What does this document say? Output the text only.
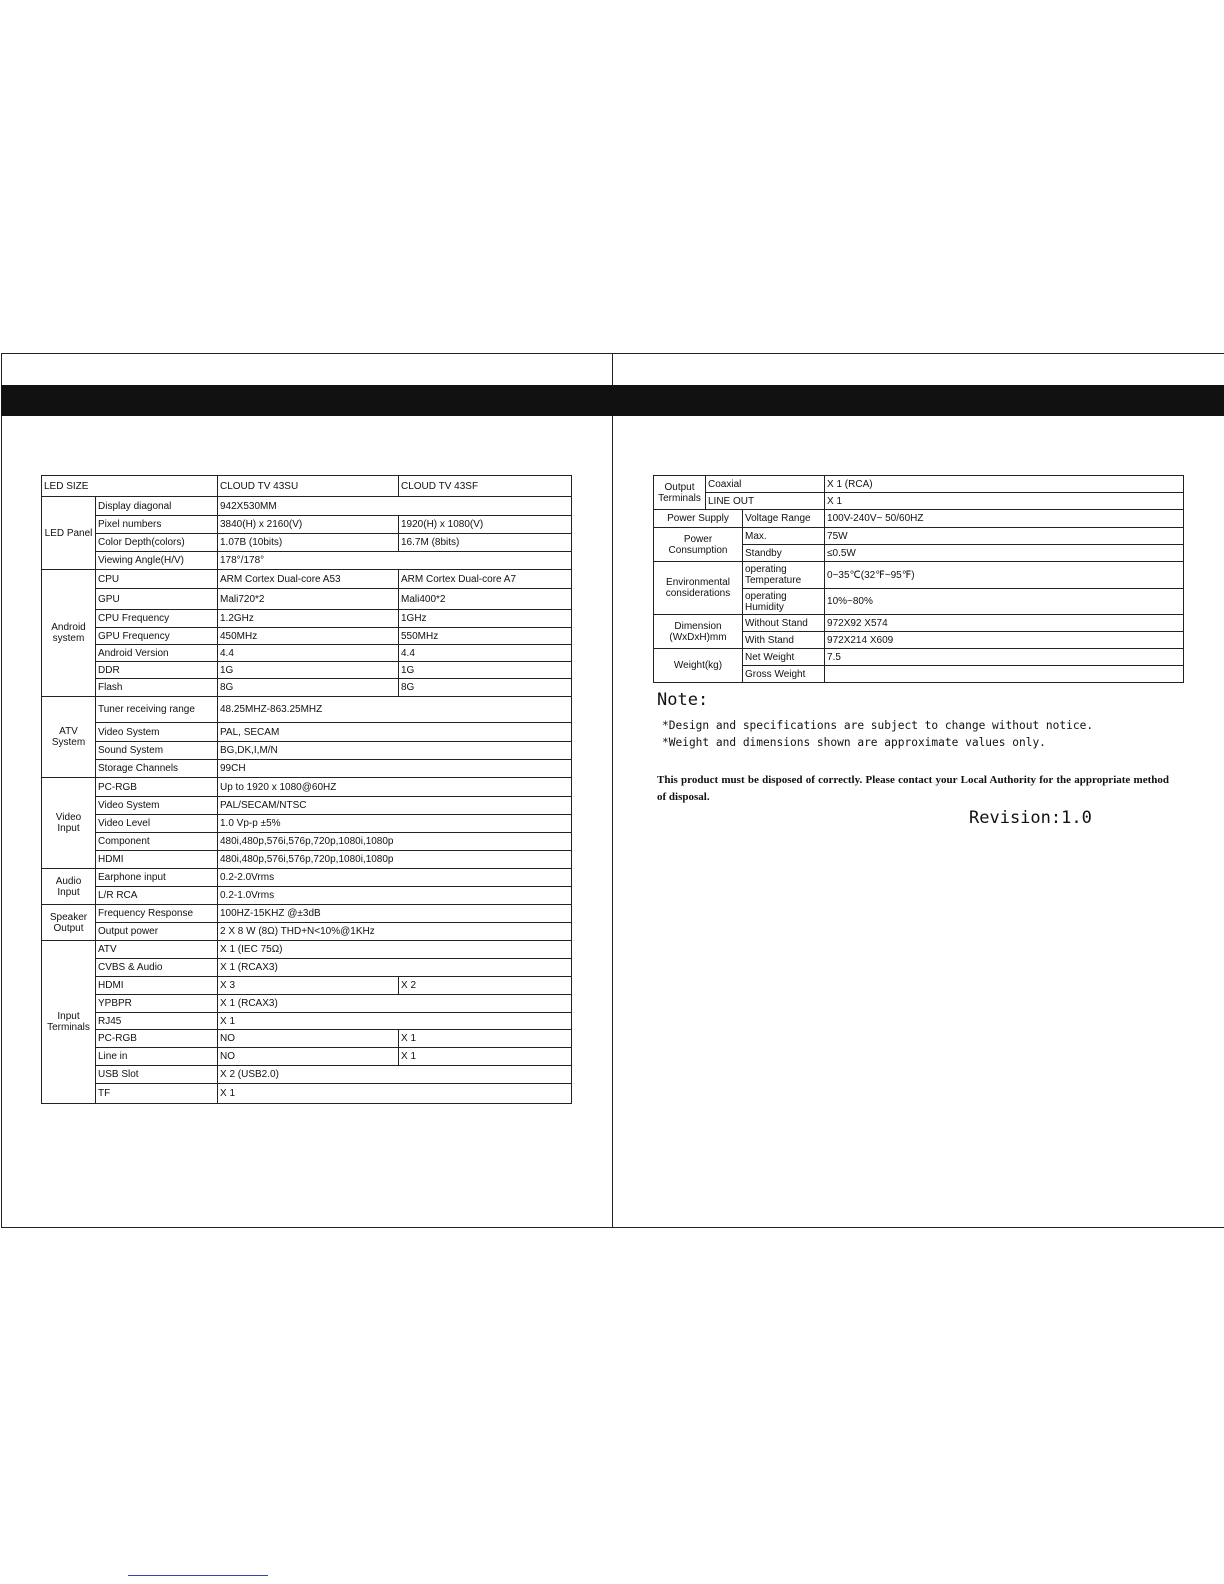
LED SIZE		CLOUD TV 43SU	CLOUD TV 43SF
LED Panel	Display diagonal	942X530MM	
	Pixel numbers	3840(H) x 2160(V)	1920(H) x 1080(V)
	Color Depth(colors)	1.07B (10bits)	16.7M (8bits)
	Viewing Angle(H/V)	178°/178°	
Android system	CPU	ARM Cortex Dual-core A53	ARM Cortex Dual-core A7
	GPU	Mali720*2	Mali400*2
	CPU Frequency	1.2GHz	1GHz
	GPU Frequency	450MHz	550MHz
	Android Version	4.4	4.4
	DDR	1G	1G
	Flash	8G	8G
ATV System	Tuner receiving range	48.25MHZ-863.25MHZ	
	Video System	PAL, SECAM	
	Sound System	BG,DK,I,M/N	
	Storage Channels	99CH	
Video Input	PC-RGB	Up to 1920 x 1080@60HZ	
	Video System	PAL/SECAM/NTSC	
	Video Level	1.0 Vp-p ±5%	
	Component	480i,480p,576i,576p,720p,1080i,1080p	
	HDMI	480i,480p,576i,576p,720p,1080i,1080p	
Audio Input	Earphone input	0.2-2.0Vrms	
	L/R RCA	0.2-1.0Vrms	
Speaker Output	Frequency Response	100HZ-15KHZ @±3dB	
	Output power	2 X 8 W (8Ω) THD+N<10%@1KHz	
Input Terminals	ATV	X 1 (IEC 75Ω)	
	CVBS & Audio	X 1 (RCAX3)	
	HDMI	X 3	X 2
	YPBPR	X 1 (RCAX3)	
	RJ45	X 1	
	PC-RGB	NO	X 1
	Line in	NO	X 1
	USB Slot	X 2 (USB2.0)	
	TF	X 1	
Output Terminals	Coaxial		X 1 (RCA)
	LINE OUT		X 1
Power Supply		Voltage Range	100V-240V~ 50/60HZ
Power Consumption		Max.	75W
		Standby	≤0.5W
Environmental considerations		operating Temperature	0~35℃(32℉~95℉)
		operating Humidity	10%~80%
Dimension (WxDxH)mm		Without Stand	972X92 X574
		With Stand	972X214 X609
Weight(kg)		Net Weight	7.5
		Gross Weight	
Note:
*Design and specifications are subject to change without notice.
*Weight and dimensions shown are approximate values only.
This product must be disposed of correctly. Please contact your Local Authority for the appropriate method of disposal.
Revision:1.0
